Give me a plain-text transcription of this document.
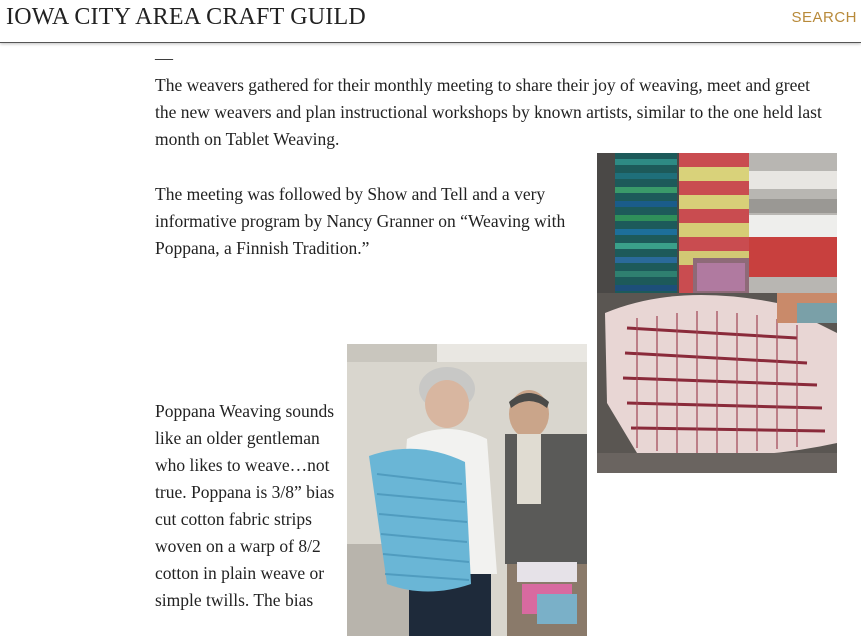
IOWA CITY AREA CRAFT GUILD	SEARCH
—

The weavers gathered for their monthly meeting to share their joy of weaving, meet and greet the new weavers and plan instructional workshops by known artists, similar to the one held last month on Tablet Weaving.

The meeting was followed by Show and Tell and a very informative program by Nancy Granner on “Weaving with Poppana, a Finnish Tradition.”

Poppana Weaving sounds like an older gentleman who likes to weave…not true. Poppana is 3/8” bias cut cotton fabric strips woven on a warp of 8/2 cotton in plain weave or simple twills. The bias
